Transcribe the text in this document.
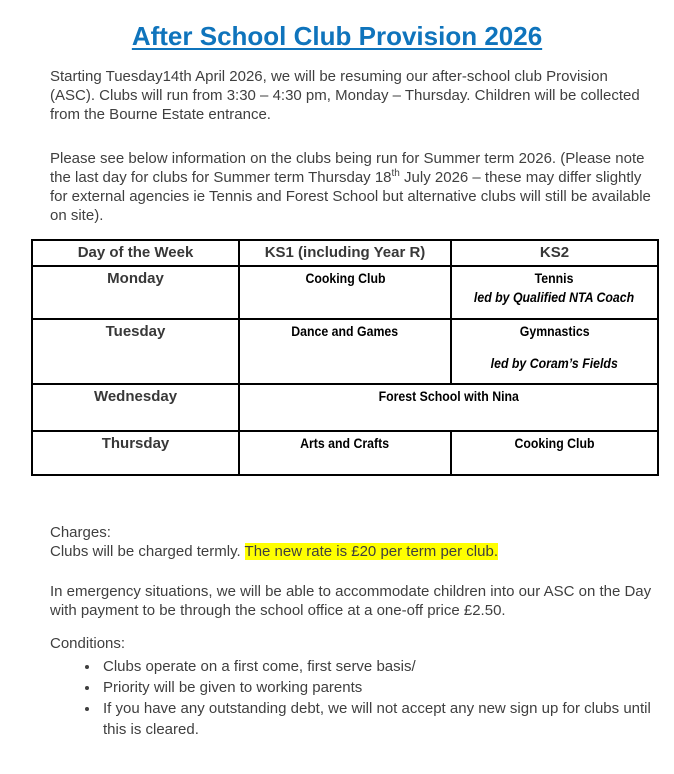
After School Club Provision 2026

Starting Tuesday14th April 2026, we will be resuming our after-school club Provision (ASC). Clubs will run from 3:30 – 4:30 pm, Monday – Thursday. Children will be collected from the Bourne Estate entrance.

Please see below information on the clubs being run for Summer term 2026. (Please note the last day for clubs for Summer term Thursday 18th July 2026 – these may differ slightly for external agencies ie Tennis and Forest School but alternative clubs will still be available on site).

Day of the Week	KS1 (including Year R)	KS2
Monday	Cooking Club	Tennis
led by Qualified NTA Coach

Tuesday	Dance and Games	Gymnastics
led by Coram’s Fields

Wednesday	Forest School with Nina	
Thursday	Arts and Crafts	Cooking Club

Charges:

Clubs will be charged termly. The new rate is £20 per term per club.

In emergency situations, we will be able to accommodate children into our ASC on the Day with payment to be through the school office at a one-off price £2.50.

Conditions:

• Clubs operate on a first come, first serve basis/
• Priority will be given to working parents
• If you have any outstanding debt, we will not accept any new sign up for clubs until this is cleared.
